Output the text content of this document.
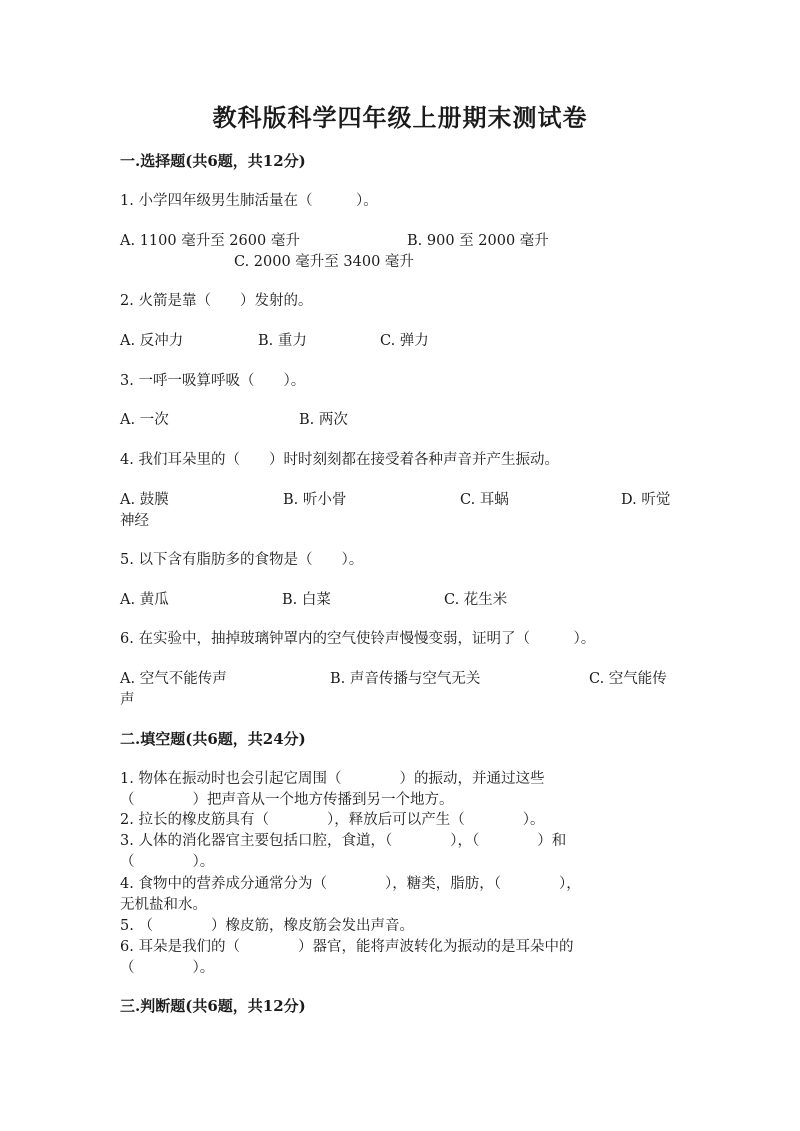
教科版科学四年级上册期末测试卷
一.选择题(共6题，共12分)
1. 小学四年级男生肺活量在（　　　）。
A. 1100 毫升至 2600 毫升	B. 900 至 2000 毫升
C. 2000 毫升至 3400 毫升
2. 火箭是靠（　　）发射的。
A. 反冲力	B. 重力	C. 弹力
3. 一呼一吸算呼吸（　　）。
A. 一次	B. 两次
4. 我们耳朵里的（　　）时时刻刻都在接受着各种声音并产生振动。
A. 鼓膜	B. 听小骨	C. 耳蜗	D. 听觉
神经
5. 以下含有脂肪多的食物是（　　）。
A. 黄瓜	B. 白菜	C. 花生米
6. 在实验中，抽掉玻璃钟罩内的空气使铃声慢慢变弱，证明了（　　　）。
A. 空气不能传声	B. 声音传播与空气无关	C. 空气能传
声
二.填空题(共6题，共24分)
1. 物体在振动时也会引起它周围（　　　　）的振动，并通过这些
（　　　　）把声音从一个地方传播到另一个地方。
2. 拉长的橡皮筋具有（　　　　），释放后可以产生（　　　　）。
3. 人体的消化器官主要包括口腔，食道，（　　　　），（　　　　）和
（　　　　）。
4. 食物中的营养成分通常分为（　　　　），糖类，脂肪，（　　　　），
无机盐和水。
5. （　　　　）橡皮筋，橡皮筋会发出声音。
6. 耳朵是我们的（　　　　）器官，能将声波转化为振动的是耳朵中的
（　　　　）。
三.判断题(共6题，共12分)
